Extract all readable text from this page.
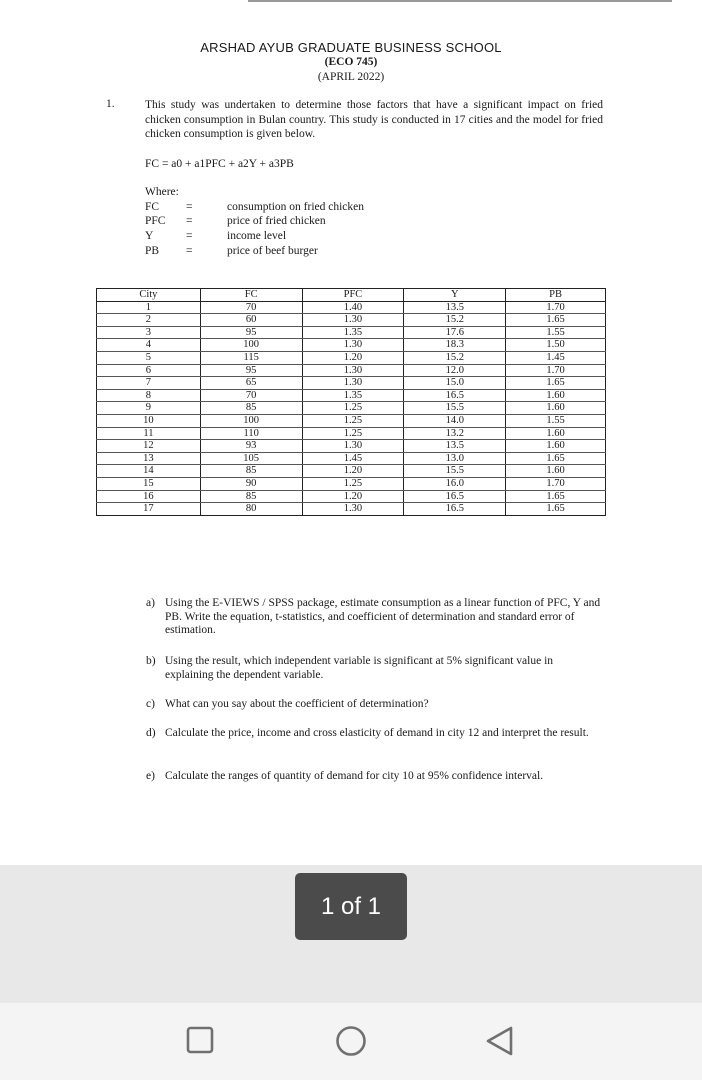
ARSHAD AYUB GRADUATE BUSINESS SCHOOL
(ECO 745)
(APRIL 2022)
1.	This study was undertaken to determine those factors that have a significant impact on fried chicken consumption in Bulan country. This study is conducted in 17 cities and the model for fried chicken consumption is given below.
FC = a0 + a1PFC + a2Y + a3PB
Where:
FC	=	consumption on fried chicken
PFC	=	price of fried chicken
Y	=	income level
PB	=	price of beef burger
City	FC	PFC	Y	PB
1	70	1.40	13.5	1.70
2	60	1.30	15.2	1.65
3	95	1.35	17.6	1.55
4	100	1.30	18.3	1.50
5	115	1.20	15.2	1.45
6	95	1.30	12.0	1.70
7	65	1.30	15.0	1.65
8	70	1.35	16.5	1.60
9	85	1.25	15.5	1.60
10	100	1.25	14.0	1.55
11	110	1.25	13.2	1.60
12	93	1.30	13.5	1.60
13	105	1.45	13.0	1.65
14	85	1.20	15.5	1.60
15	90	1.25	16.0	1.70
16	85	1.20	16.5	1.65
17	80	1.30	16.5	1.65
a) Using the E-VIEWS / SPSS package, estimate consumption as a linear function of PFC, Y and PB. Write the equation, t-statistics, and coefficient of determination and standard error of estimation.
b) Using the result, which independent variable is significant at 5% significant value in explaining the dependent variable.
c) What can you say about the coefficient of determination?
d) Calculate the price, income and cross elasticity of demand in city 12 and interpret the result.
e) Calculate the ranges of quantity of demand for city 10 at 95% confidence interval.
1 of 1
